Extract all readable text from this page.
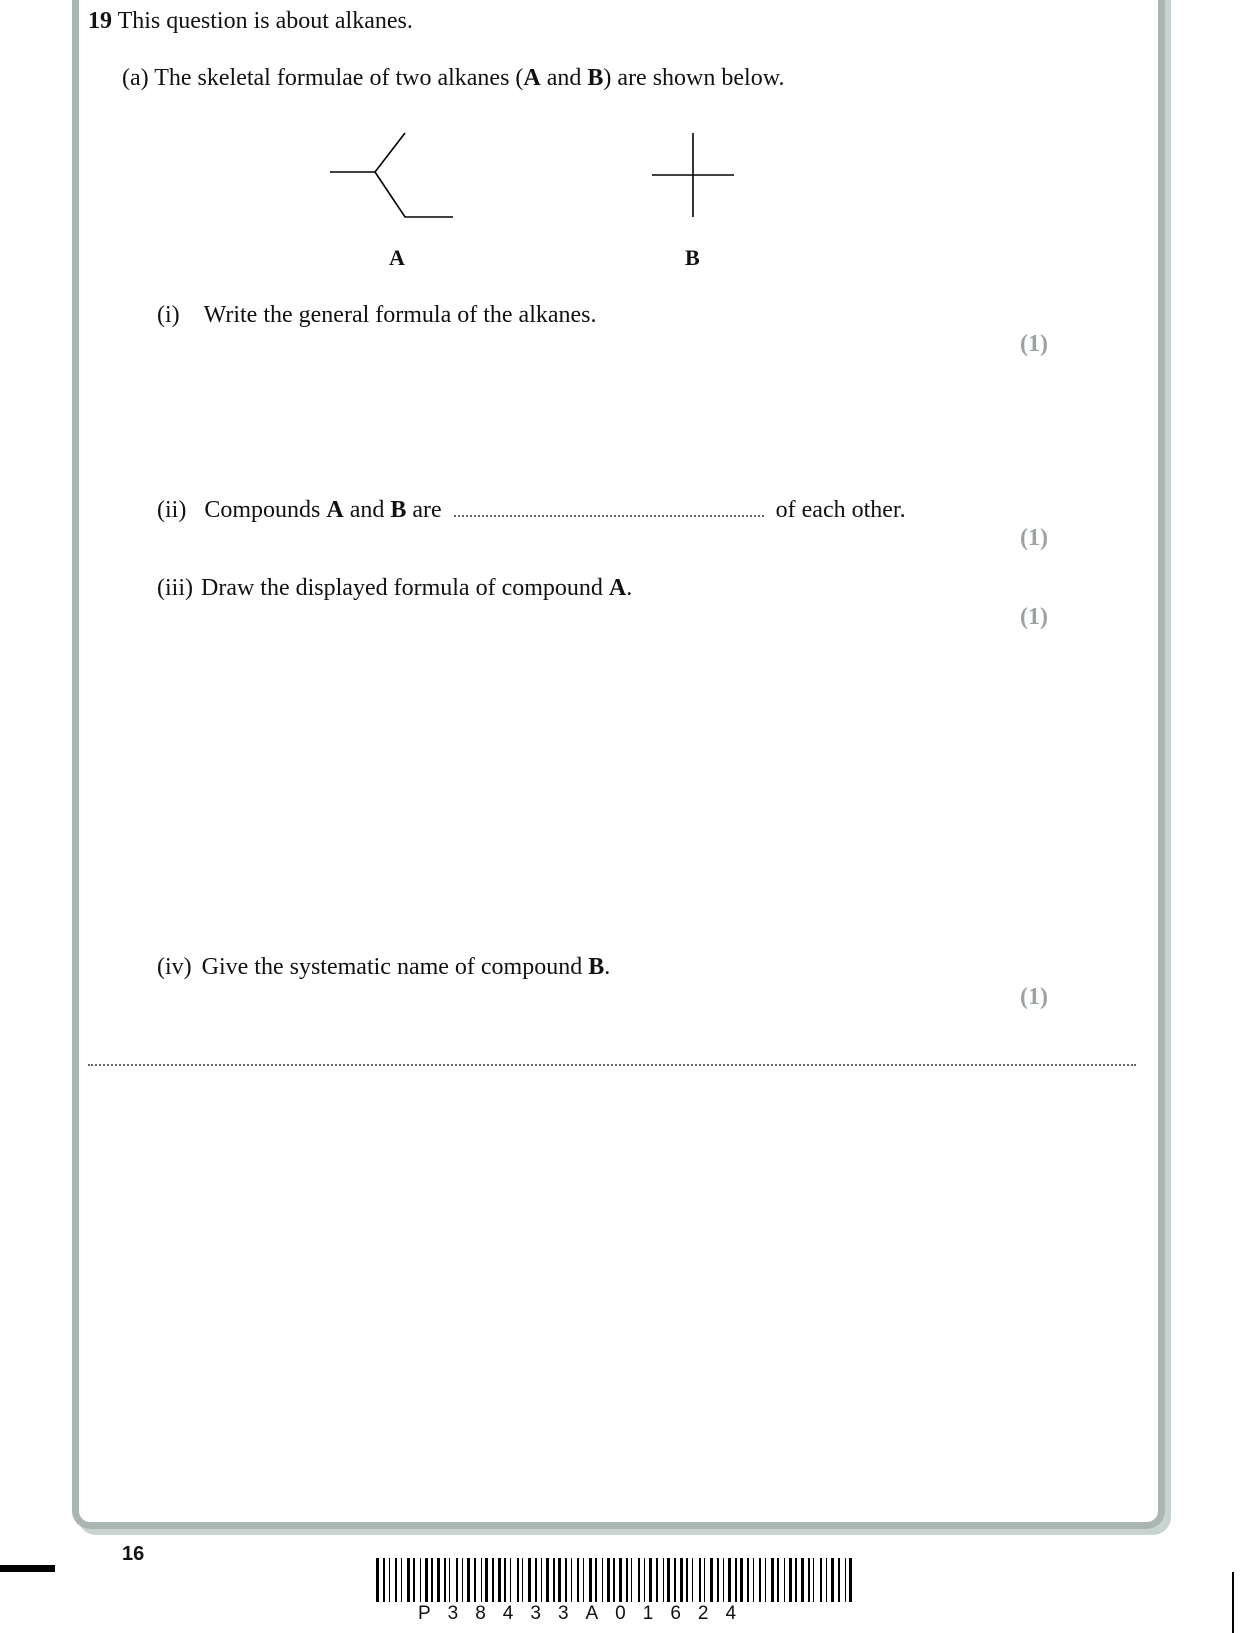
19 This question is about alkanes.
(a) The skeletal formulae of two alkanes (A and B) are shown below.
A	B
(i) Write the general formula of the alkanes.
(1)
(ii) Compounds A and B are	of each other.
(1)
(iii) Draw the displayed formula of compound A.
(1)
(iv) Give the systematic name of compound B.
(1)
16
P38433A01624
